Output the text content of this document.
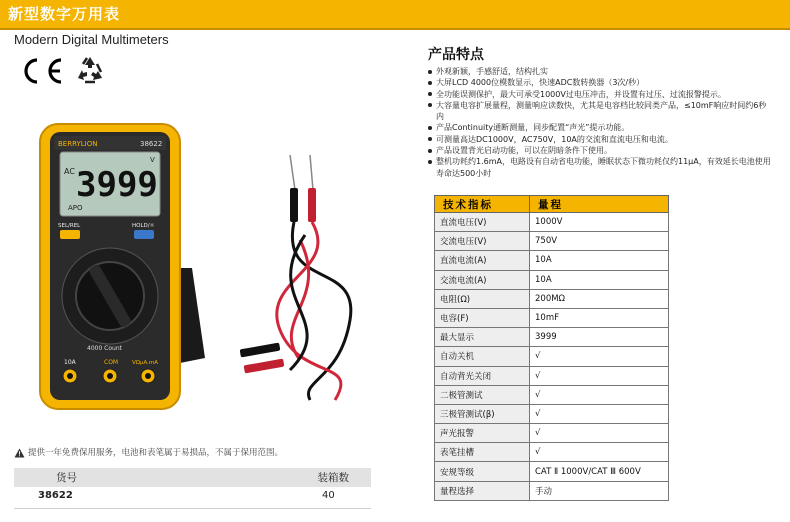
新型数字万用表
Modern Digital Multimeters
BERRYLION	38622
AC
V
3999
APO
SEL/REL	HOLD/☼
4000 Count
10A	COM	VΩμA.mA
产品特点
外观新颖，手感舒适，结构扎实
大屏LCD 4000位模数显示，快速ADC数转换器（3次/秒）
全功能误测保护，最大可承受1000V过电压冲击，并设置有过压、过流报警提示。
大容量电容扩展量程，测量响应读数快，尤其是电容档比较同类产品，≤10mF响应时间约6秒内
产品Continuity通断测量，同步配置“声光”提示功能。
可测量高达DC1000V，AC750V，10A的交流和直流电压和电流。
产品设置背光启动功能，可以在阴暗条件下使用。
整机功耗约1.6mA，电路设有自动省电功能，睡眠状态下微功耗仅约11μA，有效延长电池使用寿命达500小时
技术指标	量程
直流电压(V)	1000V
交流电压(V)	750V
直流电流(A)	10A
交流电流(A)	10A
电阻(Ω)	200MΩ
电容(F)	10mF
最大显示	3999
自动关机	√
自动背光关闭	√
二极管测试	√
三极管测试(β)	√
声光报警	√
表笔挂槽	√
安规等级	CAT Ⅱ 1000V/CAT Ⅲ 600V
量程选择	手动
提供一年免费保用服务，电池和表笔属于易损品，不属于保用范围。
货号	装箱数
38622	40
